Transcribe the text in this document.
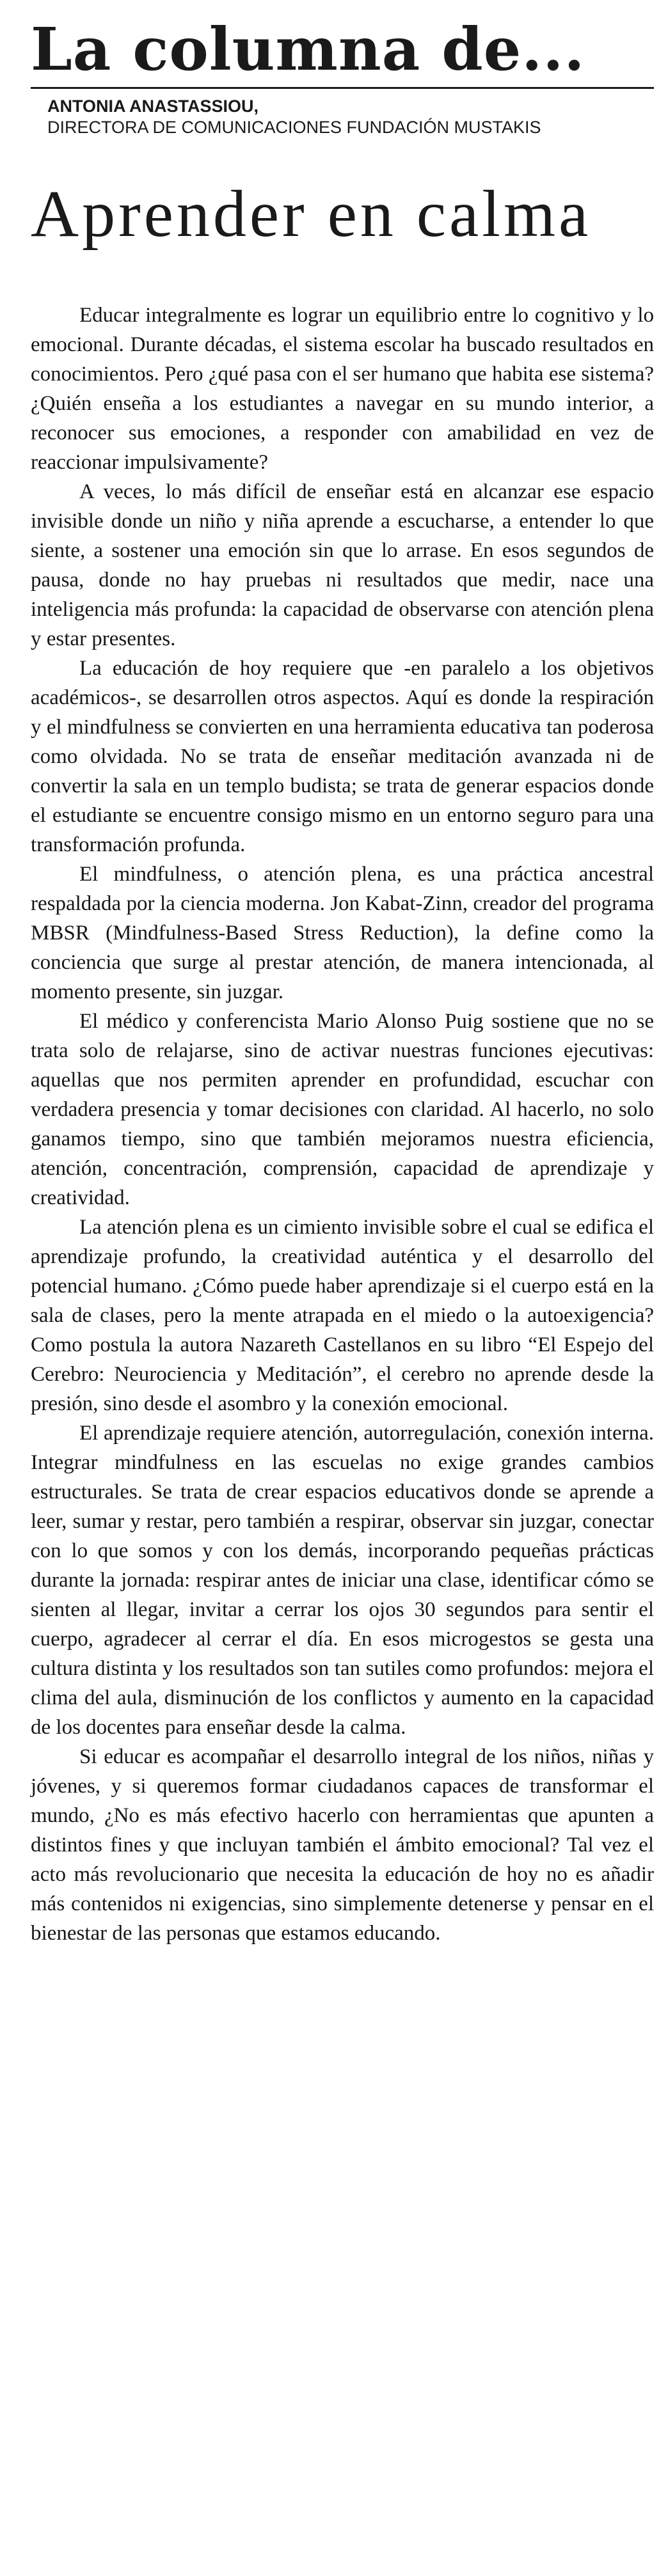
La columna de...
ANTONIA ANASTASSIOU,
DIRECTORA DE COMUNICACIONES FUNDACIÓN MUSTAKIS
Aprender en calma

Educar integralmente es lograr un equilibrio entre lo cognitivo y lo emocional. Durante décadas, el sistema escolar ha buscado resultados en conocimientos. Pero ¿qué pasa con el ser humano que habita ese sistema? ¿Quién enseña a los estudiantes a navegar en su mundo interior, a reconocer sus emociones, a responder con amabilidad en vez de reaccionar impulsivamente?

A veces, lo más difícil de enseñar está en alcanzar ese espacio invisible donde un niño y niña aprende a escucharse, a entender lo que siente, a sostener una emoción sin que lo arrase. En esos segundos de pausa, donde no hay pruebas ni resultados que medir, nace una inteligencia más profunda: la capacidad de observarse con atención plena y estar presentes.

La educación de hoy requiere que -en paralelo a los objetivos académicos-, se desarrollen otros aspectos. Aquí es donde la respiración y el mindfulness se convierten en una herramienta educativa tan poderosa como olvidada. No se trata de enseñar meditación avanzada ni de convertir la sala en un templo budista; se trata de generar espacios donde el estudiante se encuentre consigo mismo en un entorno seguro para una transformación profunda.

El mindfulness, o atención plena, es una práctica ancestral respaldada por la ciencia moderna. Jon Kabat-Zinn, creador del programa MBSR (Mindfulness-Based Stress Reduction), la define como la conciencia que surge al prestar atención, de manera intencionada, al momento presente, sin juzgar.

El médico y conferencista Mario Alonso Puig sostiene que no se trata solo de relajarse, sino de activar nuestras funciones ejecutivas: aquellas que nos permiten aprender en profundidad, escuchar con verdadera presencia y tomar decisiones con claridad. Al hacerlo, no solo ganamos tiempo, sino que también mejoramos nuestra eficiencia, atención, concentración, comprensión, capacidad de aprendizaje y creatividad.

La atención plena es un cimiento invisible sobre el cual se edifica el aprendizaje profundo, la creatividad auténtica y el desarrollo del potencial humano. ¿Cómo puede haber aprendizaje si el cuerpo está en la sala de clases, pero la mente atrapada en el miedo o la autoexigencia? Como postula la autora Nazareth Castellanos en su libro “El Espejo del Cerebro: Neurociencia y Meditación”, el cerebro no aprende desde la presión, sino desde el asombro y la conexión emocional.

El aprendizaje requiere atención, autorregulación, conexión interna. Integrar mindfulness en las escuelas no exige grandes cambios estructurales. Se trata de crear espacios educativos donde se aprende a leer, sumar y restar, pero también a respirar, observar sin juzgar, conectar con lo que somos y con los demás, incorporando pequeñas prácticas durante la jornada: respirar antes de iniciar una clase, identificar cómo se sienten al llegar, invitar a cerrar los ojos 30 segundos para sentir el cuerpo, agradecer al cerrar el día. En esos microgestos se gesta una cultura distinta y los resultados son tan sutiles como profundos: mejora el clima del aula, disminución de los conflictos y aumento en la capacidad de los docentes para enseñar desde la calma.

Si educar es acompañar el desarrollo integral de los niños, niñas y jóvenes, y si queremos formar ciudadanos capaces de transformar el mundo, ¿No es más efectivo hacerlo con herramientas que apunten a distintos fines y que incluyan también el ámbito emocional? Tal vez el acto más revolucionario que necesita la educación de hoy no es añadir más contenidos ni exigencias, sino simplemente detenerse y pensar en el bienestar de las personas que estamos educando.
